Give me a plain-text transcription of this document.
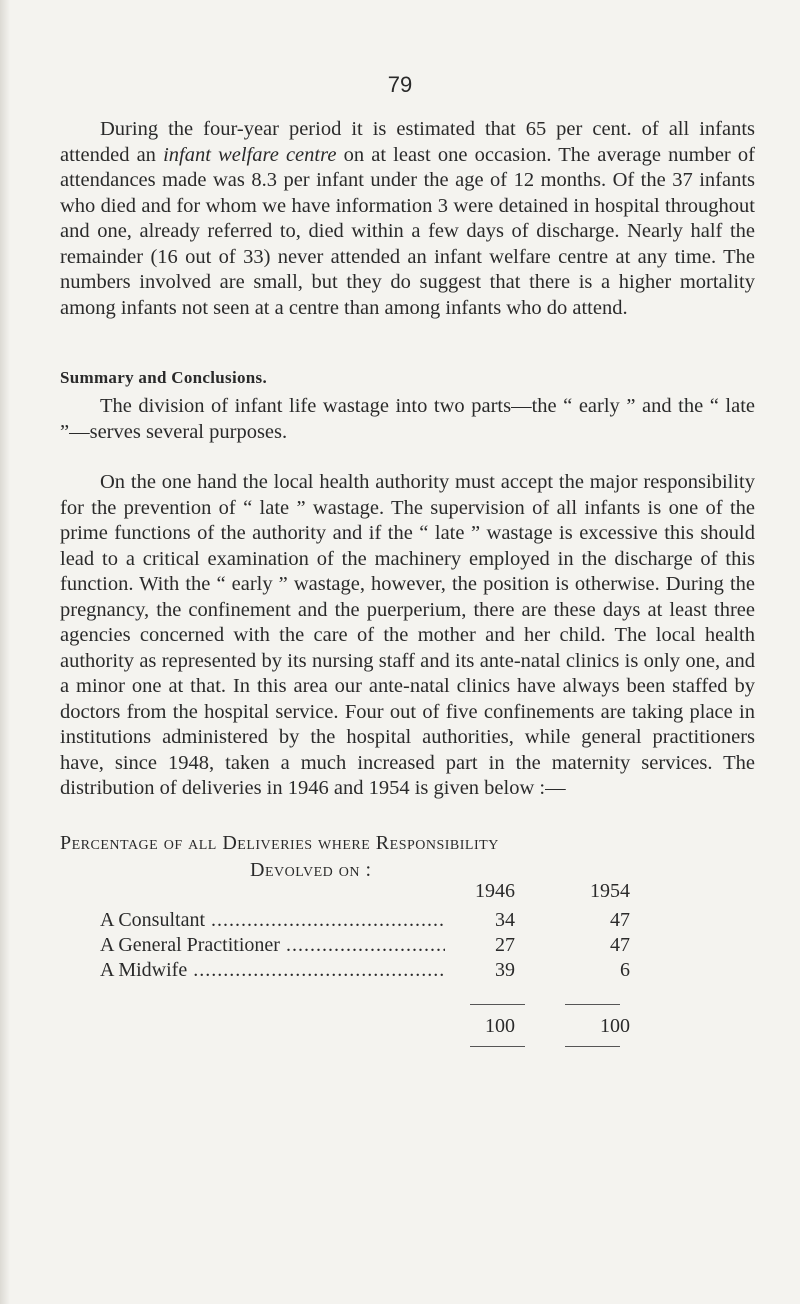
79
During the four-year period it is estimated that 65 per cent. of all infants attended an infant welfare centre on at least one occasion. The average number of attendances made was 8.3 per infant under the age of 12 months. Of the 37 infants who died and for whom we have information 3 were detained in hospital throughout and one, already referred to, died within a few days of discharge. Nearly half the remainder (16 out of 33) never attended an infant welfare centre at any time. The numbers involved are small, but they do suggest that there is a higher mortality among infants not seen at a centre than among infants who do attend.
Summary and Conclusions.
The division of infant life wastage into two parts—the “ early ” and the “ late ”—serves several purposes.
On the one hand the local health authority must accept the major responsibility for the prevention of “ late ” wastage. The supervision of all infants is one of the prime functions of the authority and if the “ late ” wastage is excessive this should lead to a critical examination of the machinery employed in the discharge of this function. With the “ early ” wastage, however, the position is otherwise. During the pregnancy, the confinement and the puerperium, there are these days at least three agencies concerned with the care of the mother and her child. The local health authority as represented by its nursing staff and its ante-natal clinics is only one, and a minor one at that. In this area our ante-natal clinics have always been staffed by doctors from the hospital service. Four out of five confinements are taking place in institutions administered by the hospital authorities, while general practitioners have, since 1948, taken a much increased part in the maternity services. The distribution of deliveries in 1946 and 1954 is given below :—
Percentage of all Deliveries where Responsibility
Devolved on :
1946	1954
A Consultant .....	34	47
A General Practitioner .....	27	47
A Midwife .....	39	6
100	100
